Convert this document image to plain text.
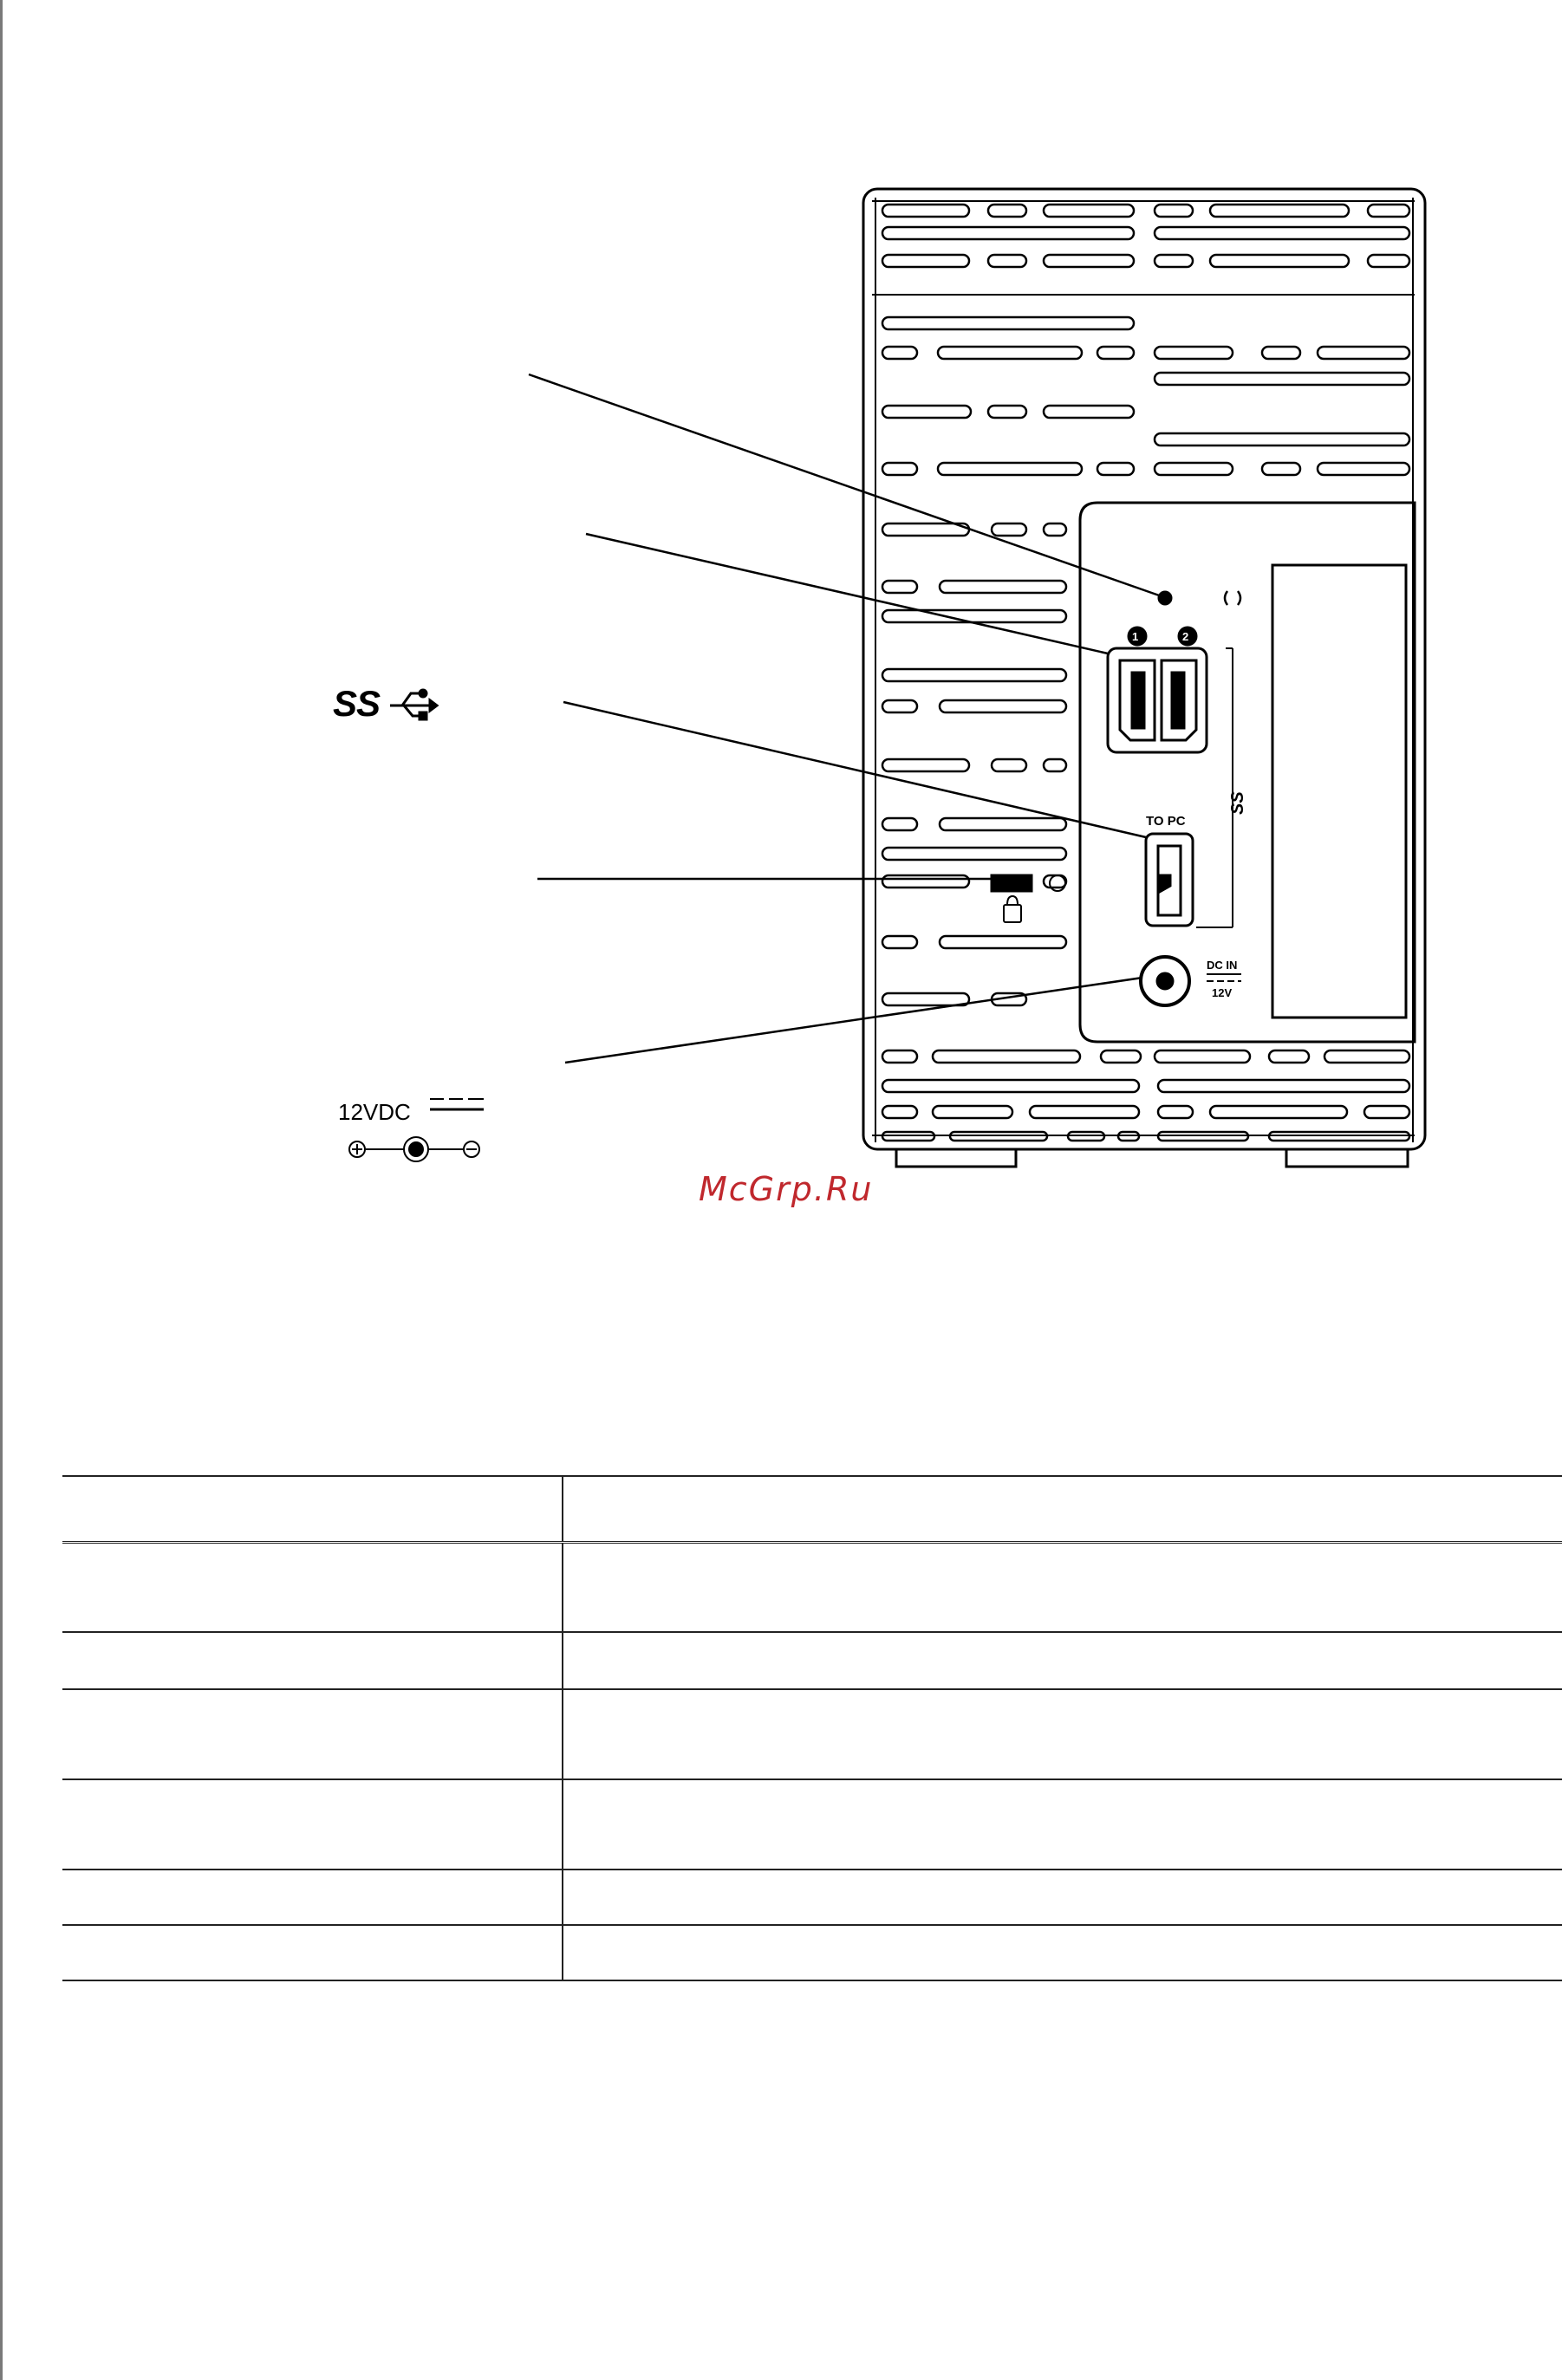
1	2
TO PC
DC IN
12V
SS
SS
12VDC
McGrp.Ru
